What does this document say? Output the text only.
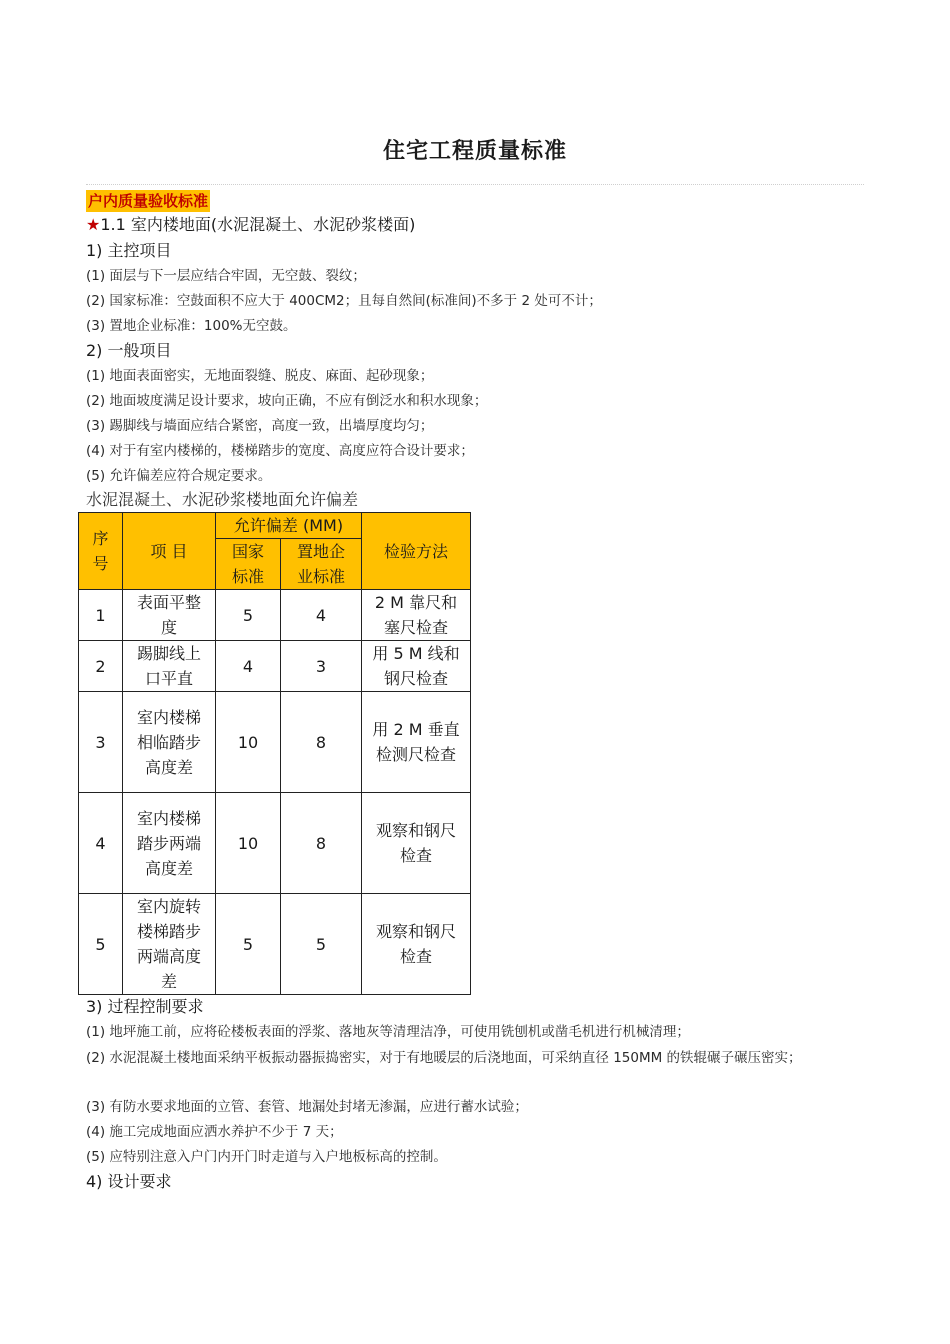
住宅工程质量标准
户内质量验收标准
★1.1 室内楼地面(水泥混凝土、水泥砂浆楼面)
1) 主控项目
(1) 面层与下一层应结合牢固，无空鼓、裂纹；
(2) 国家标准：空鼓面积不应大于 400CM2；且每自然间(标准间)不多于 2 处可不计；
(3) 置地企业标准：100%无空鼓。
2) 一般项目
(1) 地面表面密实，无地面裂缝、脱皮、麻面、起砂现象；
(2) 地面坡度满足设计要求，坡向正确，不应有倒泛水和积水现象；
(3) 踢脚线与墙面应结合紧密，高度一致，出墙厚度均匀；
(4) 对于有室内楼梯的，楼梯踏步的宽度、高度应符合设计要求；
(5) 允许偏差应符合规定要求。
水泥混凝土、水泥砂浆楼地面允许偏差
序号	项 目	允许偏差 (MM)		检验方法

		国家标准	置地企业标准	

1	表面平整度	5	4	2 M 靠尺和塞尺检查

2	踢脚线上口平直	4	3	用 5 M 线和钢尺检查

3	室内楼梯相临踏步高度差	10	8	用 2 M 垂直检测尺检查

4	室内楼梯踏步两端高度差	10	8	观察和钢尺检查

5	室内旋转楼梯踏步两端高度差	5	5	观察和钢尺检查
3) 过程控制要求
(1) 地坪施工前，应将砼楼板表面的浮浆、落地灰等清理洁净，可使用铣刨机或凿毛机进行机械清理；
(2) 水泥混凝土楼地面采纳平板振动器振捣密实，对于有地暖层的后浇地面，可采纳直径 150MM 的铁辊碾子碾压密实；
(3) 有防水要求地面的立管、套管、地漏处封堵无渗漏，应进行蓄水试验；
(4) 施工完成地面应洒水养护不少于 7 天；
(5) 应特别注意入户门内开门时走道与入户地板标高的控制。
4) 设计要求
